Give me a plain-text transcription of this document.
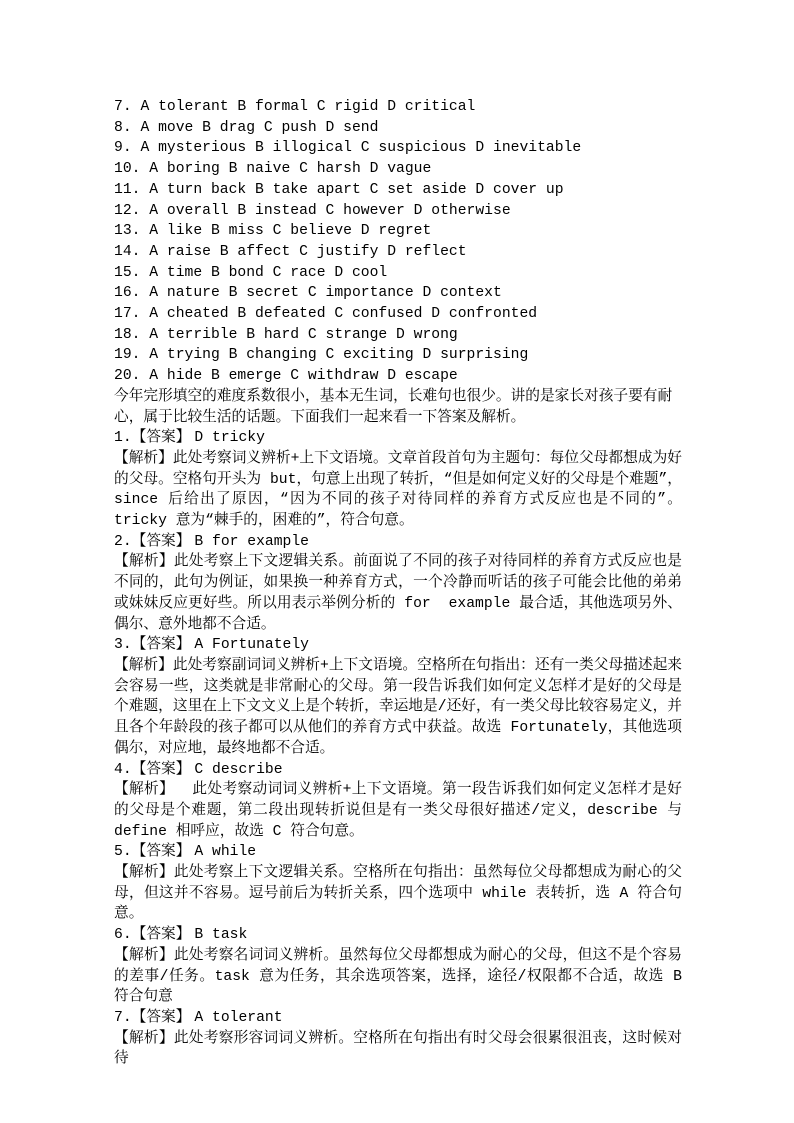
7. A tolerant B formal C rigid D critical
8. A move B drag C push D send
9. A mysterious B illogical C suspicious D inevitable
10. A boring B naive C harsh D vague
11. A turn back B take apart C set aside D cover up
12. A overall B instead C however D otherwise
13. A like B miss C believe D regret
14. A raise B affect C justify D reflect
15. A time B bond C race D cool
16. A nature B secret C importance D context
17. A cheated B defeated C confused D confronted
18. A terrible B hard C strange D wrong
19. A trying B changing C exciting D surprising
20. A hide B emerge C withdraw D escape
今年完形填空的难度系数很小，基本无生词，长难句也很少。讲的是家长对孩子要有耐心，属于比较生活的话题。下面我们一起来看一下答案及解析。
1.【答案】 D tricky
【解析】此处考察词义辨析+上下文语境。文章首段首句为主题句：每位父母都想成为好的父母。空格句开头为 but，句意上出现了转折，“但是如何定义好的父母是个难题”，since 后给出了原因，“因为不同的孩子对待同样的养育方式反应也是不同的”。tricky 意为“棘手的，困难的”，符合句意。
2.【答案】 B for example
【解析】此处考察上下文逻辑关系。前面说了不同的孩子对待同样的养育方式反应也是不同的，此句为例证，如果换一种养育方式，一个冷静而听话的孩子可能会比他的弟弟或妹妹反应更好些。所以用表示举例分析的 for  example 最合适，其他选项另外、偶尔、意外地都不合适。
3.【答案】 A Fortunately
【解析】此处考察副词词义辨析+上下文语境。空格所在句指出：还有一类父母描述起来会容易一些，这类就是非常耐心的父母。第一段告诉我们如何定义怎样才是好的父母是个难题，这里在上下文文义上是个转折，幸运地是/还好，有一类父母比较容易定义，并且各个年龄段的孩子都可以从他们的养育方式中获益。故选 Fortunately，其他选项偶尔，对应地，最终地都不合适。
4.【答案】 C describe
【解析】  此处考察动词词义辨析+上下文语境。第一段告诉我们如何定义怎样才是好的父母是个难题，第二段出现转折说但是有一类父母很好描述/定义，describe 与 define 相呼应，故选 C 符合句意。
5.【答案】 A while
【解析】此处考察上下文逻辑关系。空格所在句指出：虽然每位父母都想成为耐心的父母，但这并不容易。逗号前后为转折关系，四个选项中 while 表转折，选 A 符合句意。
6.【答案】 B task
【解析】此处考察名词词义辨析。虽然每位父母都想成为耐心的父母，但这不是个容易的差事/任务。task 意为任务，其余选项答案，选择，途径/权限都不合适，故选 B 符合句意
7.【答案】 A tolerant
【解析】此处考察形容词词义辨析。空格所在句指出有时父母会很累很沮丧，这时候对待
